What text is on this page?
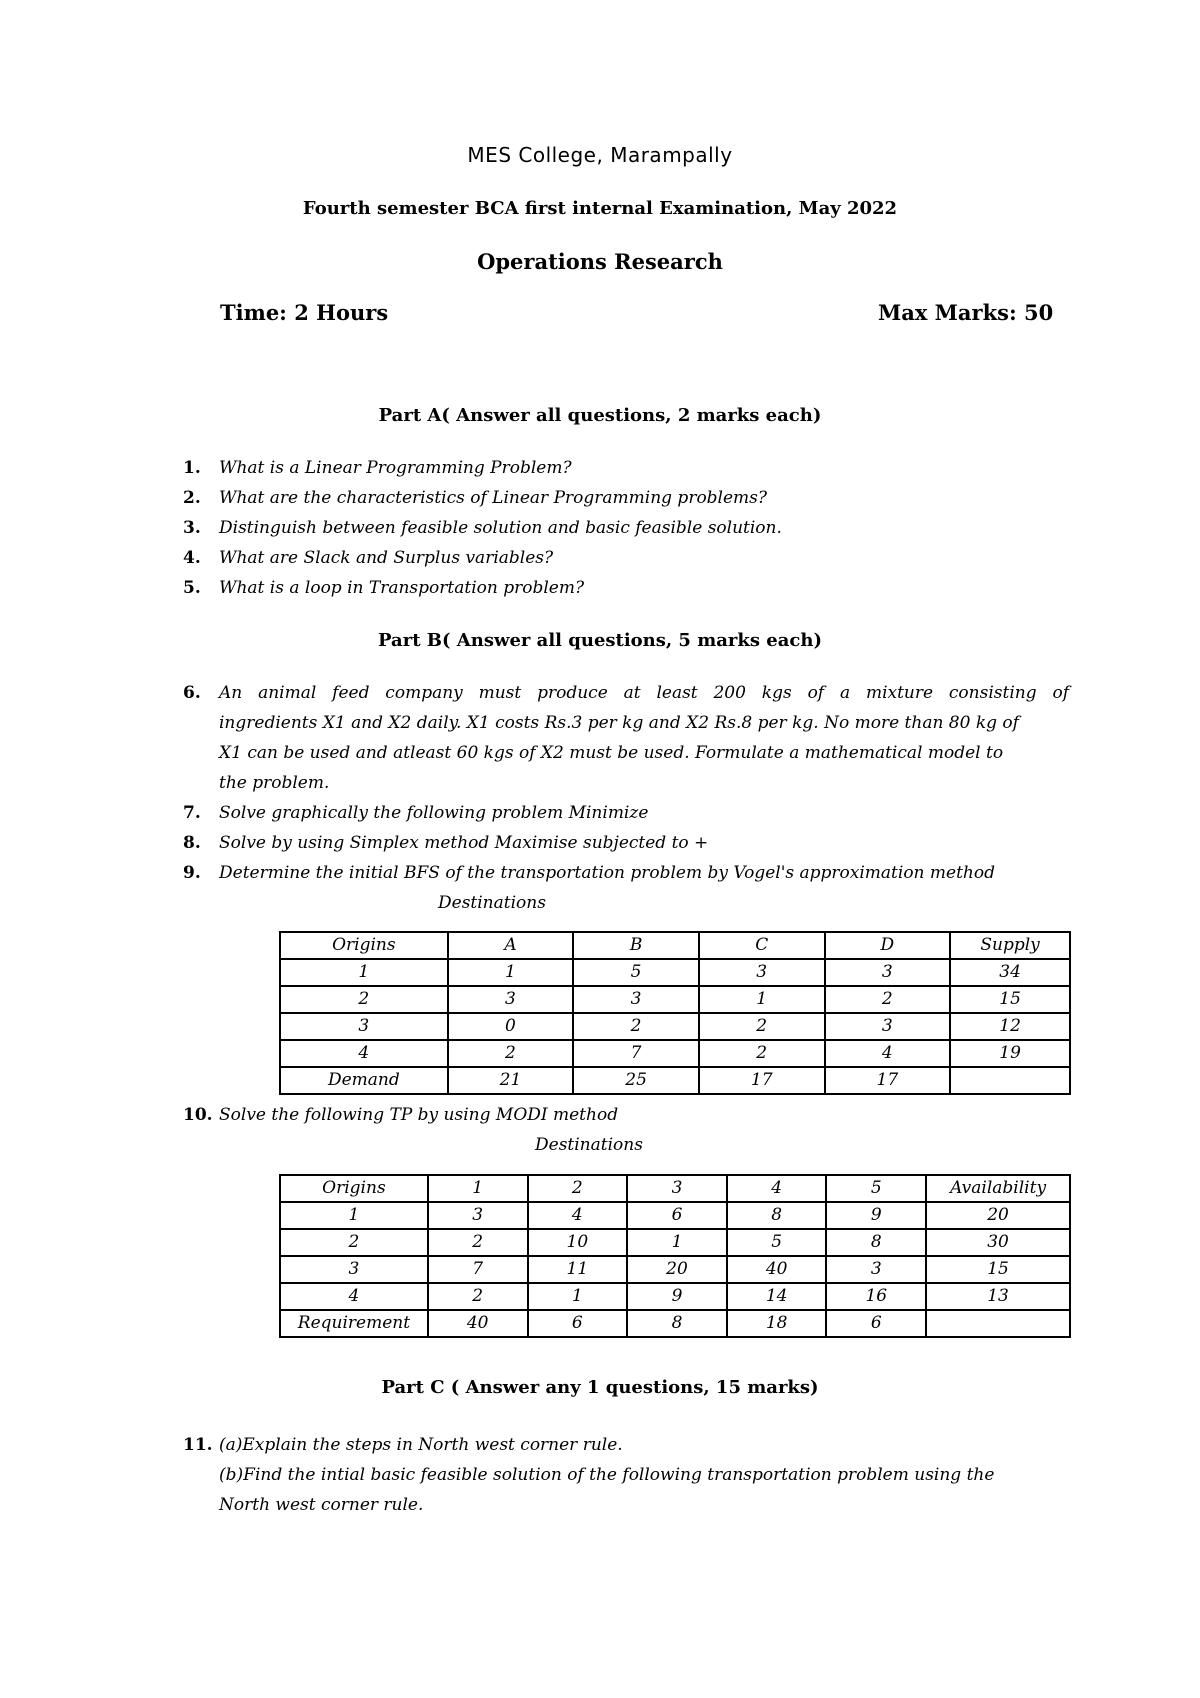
MES College, Marampally
Fourth semester BCA first internal Examination, May 2022
Operations Research
Time: 2 Hours	Max Marks: 50
Part A( Answer all questions, 2 marks each)
1.	What is a Linear Programming Problem?
2.	What are the characteristics of Linear Programming problems?
3.	Distinguish between feasible solution and basic feasible solution.
4.	What are Slack and Surplus variables?
5.	What is a loop in Transportation problem?
Part B( Answer all questions, 5 marks each)
6.	An animal feed company must produce at least 200 kgs of a mixture consisting of
ingredients X1 and X2 daily. X1 costs Rs.3 per kg and X2 Rs.8 per kg. No more than 80 kg of
X1 can be used and atleast 60 kgs of X2 must be used. Formulate a mathematical model to
the problem.
7.	Solve graphically the following problem Minimize
8.	Solve by using Simplex method Maximise subjected to +
9.	Determine the initial BFS of the transportation problem by Vogel's approximation method
Destinations
Origins	A	B	C	D	Supply
1	1	5	3	3	34
2	3	3	1	2	15
3	0	2	2	3	12
4	2	7	2	4	19
Demand	21	25	17	17	
10. Solve the following TP by using MODI method
Destinations
Origins	1	2	3	4	5	Availability
1	3	4	6	8	9	20
2	2	10	1	5	8	30
3	7	11	20	40	3	15
4	2	1	9	14	16	13
Requirement	40	6	8	18	6	
Part C ( Answer any 1 questions, 15 marks)
11. (a)Explain the steps in North west corner rule.
(b)Find the intial basic feasible solution of the following transportation problem using the
North west corner rule.
